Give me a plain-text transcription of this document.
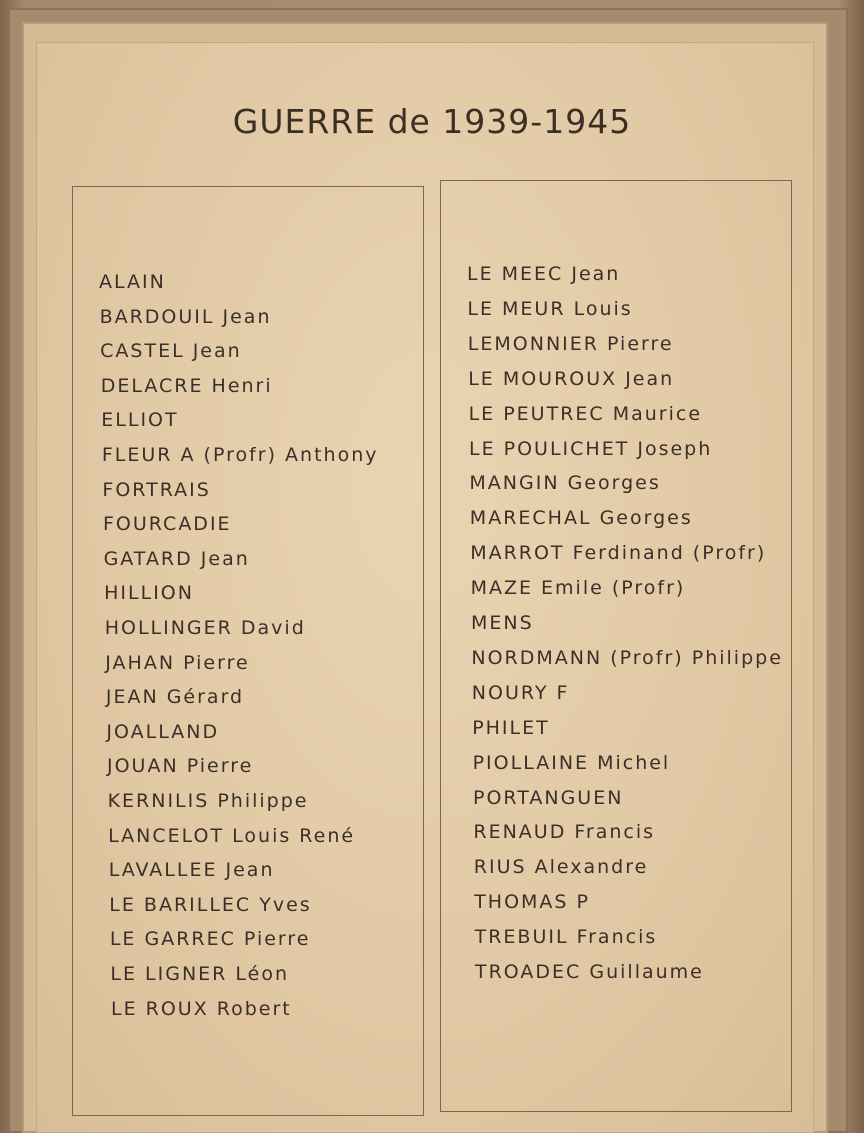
GUERRE de 1939-1945
ALAIN
BARDOUIL Jean
CASTEL Jean
DELACRE Henri
ELLIOT
FLEUR A (Profr) Anthony
FORTRAIS
FOURCADIE
GATARD Jean
HILLION
HOLLINGER David
JAHAN Pierre
JEAN Gérard
JOALLAND
JOUAN Pierre
KERNILIS Philippe
LANCELOT Louis René
LAVALLEE Jean
LE BARILLEC Yves
LE GARREC Pierre
LE LIGNER Léon
LE ROUX Robert
LE MEEC Jean
LE MEUR Louis
LEMONNIER Pierre
LE MOUROUX Jean
LE PEUTREC Maurice
LE POULICHET Joseph
MANGIN Georges
MARECHAL Georges
MARROT Ferdinand (Profr)
MAZE Emile (Profr)
MENS
NORDMANN (Profr) Philippe
NOURY F
PHILET
PIOLLAINE Michel
PORTANGUEN
RENAUD Francis
RIUS Alexandre
THOMAS P
TREBUIL Francis
TROADEC Guillaume
